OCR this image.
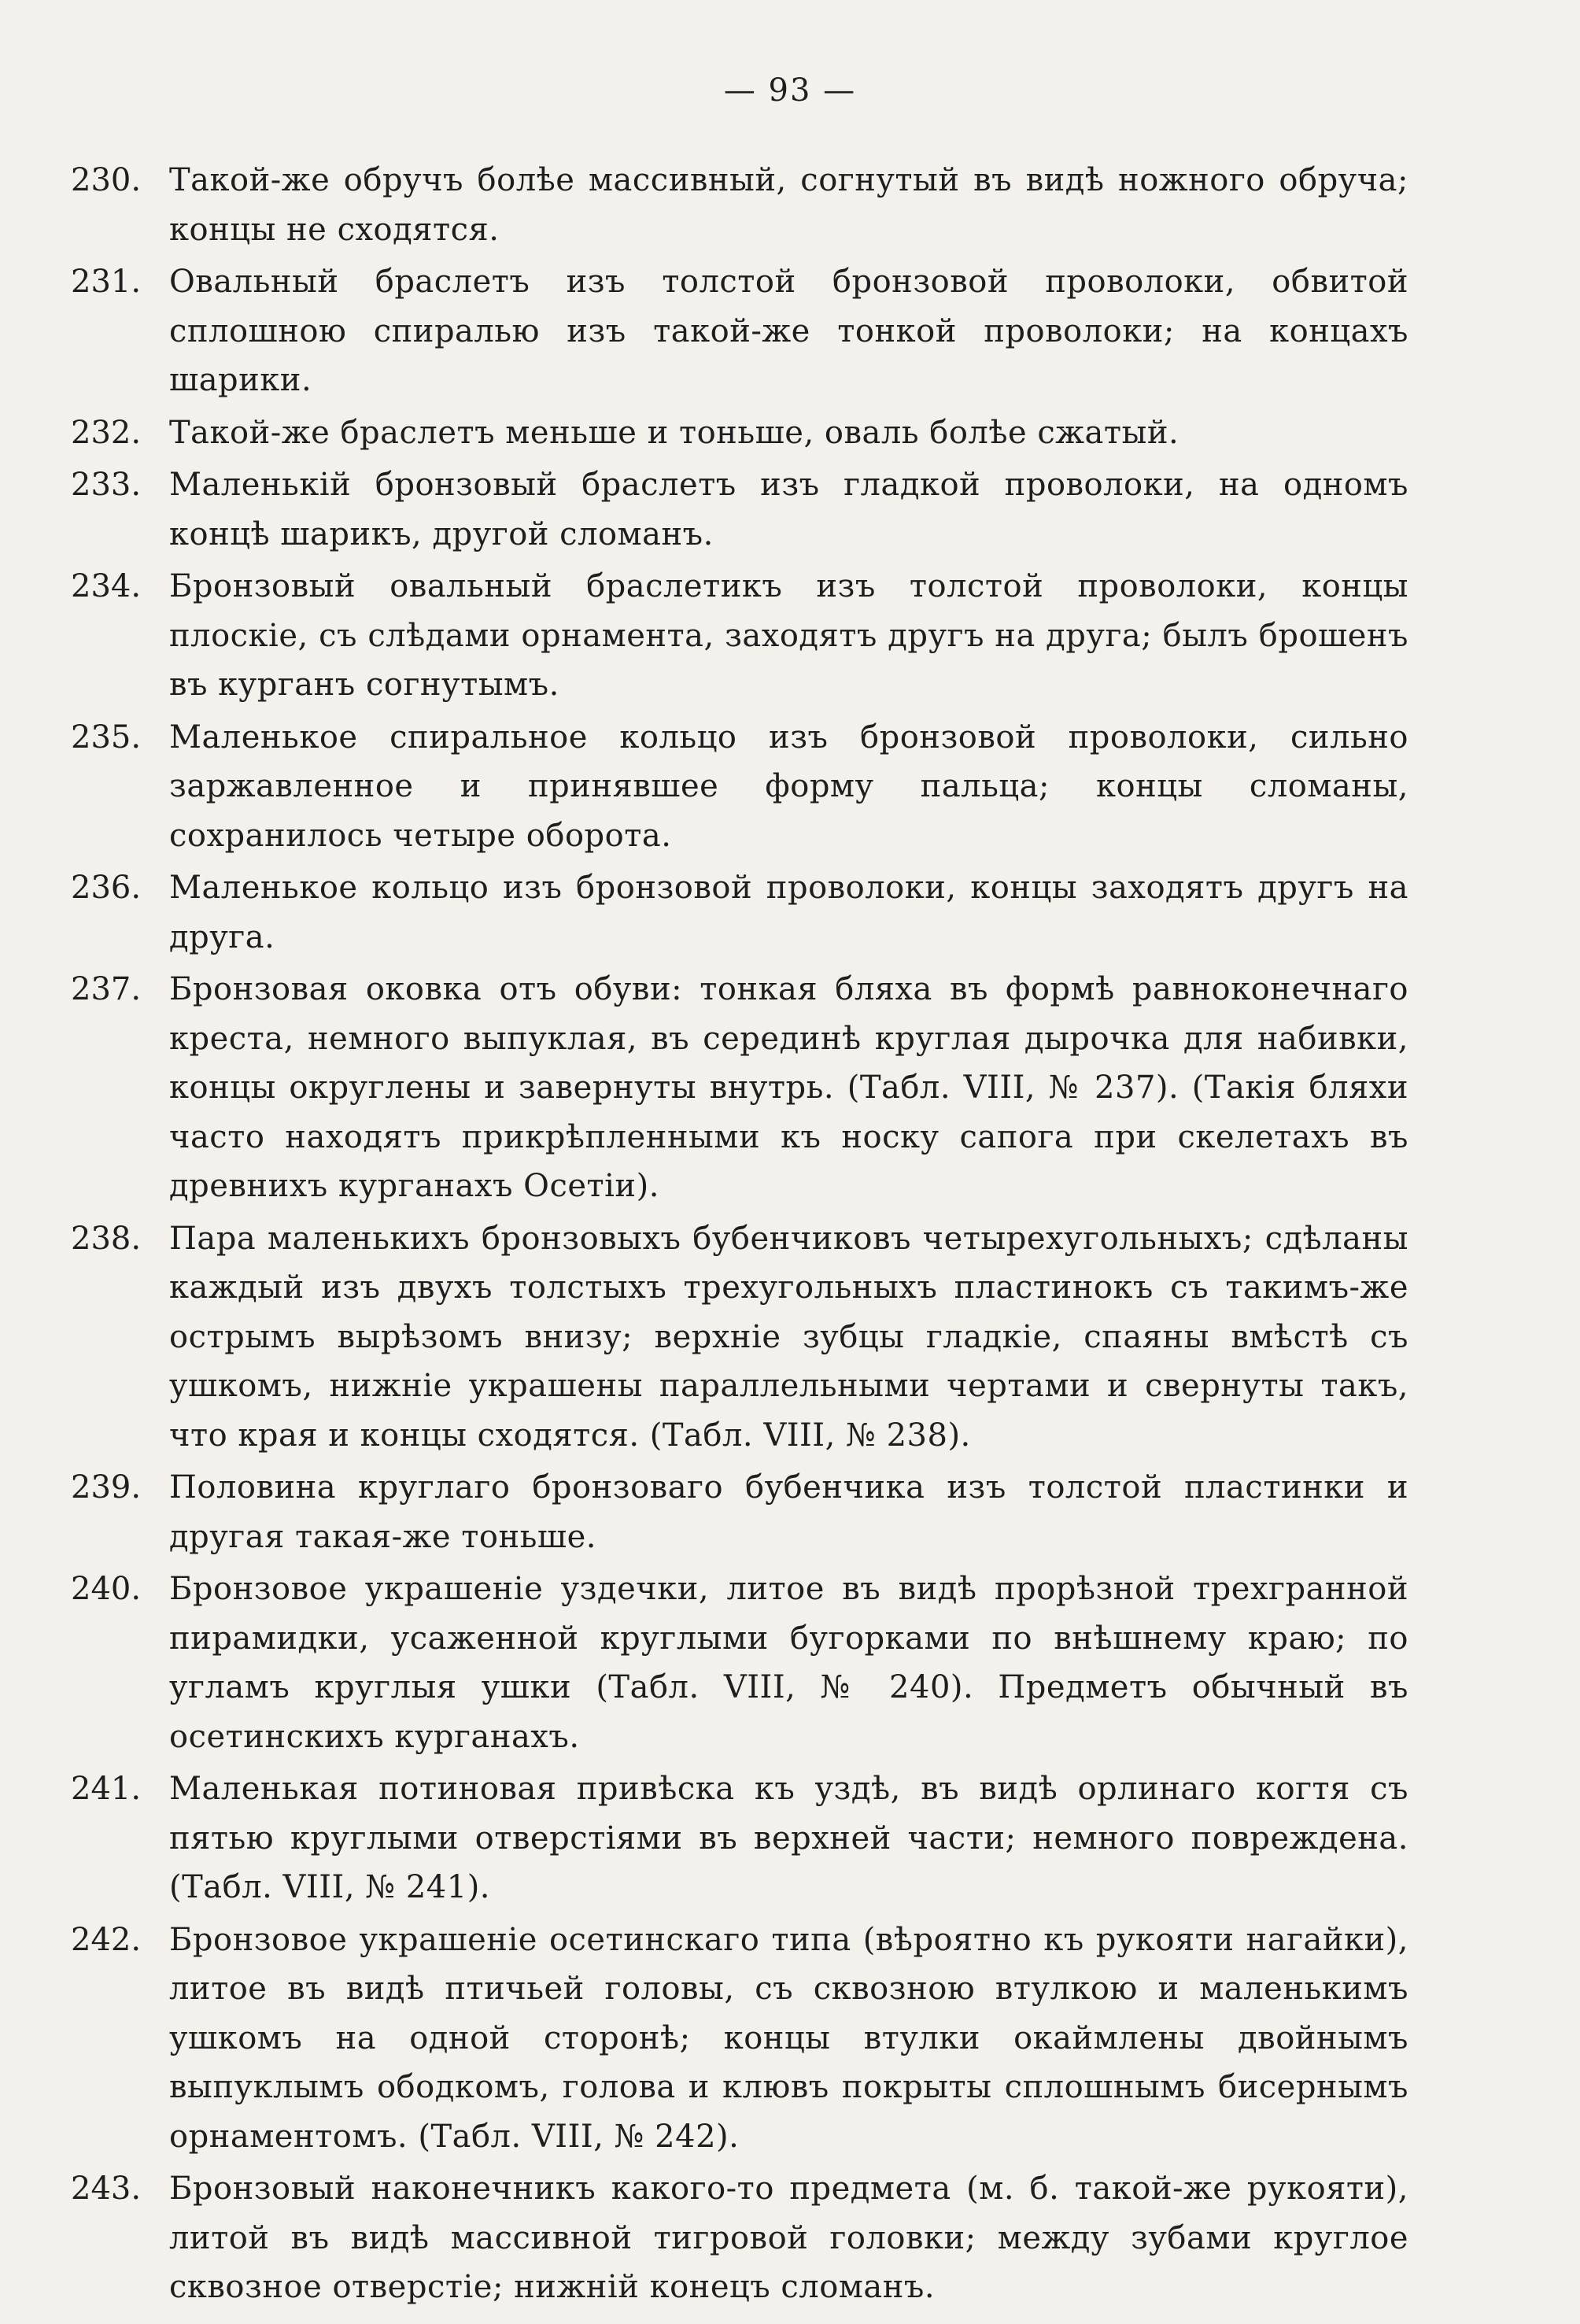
— 93 —
230. Такой-же обручъ болѣе массивный, согнутый въ видѣ ножного обруча; концы не сходятся.
231. Овальный браслетъ изъ толстой бронзовой проволоки, обвитой сплошною спиралью изъ такой-же тонкой проволоки; на концахъ шарики.
232. Такой-же браслетъ меньше и тоньше, оваль болѣе сжатый.
233. Маленькій бронзовый браслетъ изъ гладкой проволоки, на одномъ концѣ шарикъ, другой сломанъ.
234. Бронзовый овальный браслетикъ изъ толстой проволоки, концы плоскіе, съ слѣдами орнамента, заходятъ другъ на друга; былъ брошенъ въ курганъ согнутымъ.
235. Маленькое спиральное кольцо изъ бронзовой проволоки, сильно заржавленное и принявшее форму пальца; концы сломаны, сохранилось четыре оборота.
236. Маленькое кольцо изъ бронзовой проволоки, концы заходятъ другъ на друга.
237. Бронзовая оковка отъ обуви: тонкая бляха въ формѣ равноконечнаго креста, немного выпуклая, въ серединѣ круглая дырочка для набивки, концы округлены и завернуты внутрь. (Табл. VIII, № 237). (Такія бляхи часто находятъ прикрѣпленными къ носку сапога при скелетахъ въ древнихъ курганахъ Осетіи).
238. Пара маленькихъ бронзовыхъ бубенчиковъ четырехугольныхъ; сдѣланы каждый изъ двухъ толстыхъ трехугольныхъ пластинокъ съ такимъ-же острымъ вырѣзомъ внизу; верхніе зубцы гладкіе, спаяны вмѣстѣ съ ушкомъ, нижніе украшены параллельными чертами и свернуты такъ, что края и концы сходятся. (Табл. VIII, № 238).
239. Половина круглаго бронзоваго бубенчика изъ толстой пластинки и другая такая-же тоньше.
240. Бронзовое украшеніе уздечки, литое въ видѣ прорѣзной трехгранной пирамидки, усаженной круглыми бугорками по внѣшнему краю; по угламъ круглыя ушки (Табл. VIII, № 240). Предметъ обычный въ осетинскихъ курганахъ.
241. Маленькая потиновая привѣска къ уздѣ, въ видѣ орлинаго когтя съ пятью круглыми отверстіями въ верхней части; немного повреждена. (Табл. VIII, № 241).
242. Бронзовое украшеніе осетинскаго типа (вѣроятно къ рукояти нагайки), литое въ видѣ птичьей головы, съ сквозною втулкою и маленькимъ ушкомъ на одной сторонѣ; концы втулки окаймлены двойнымъ выпуклымъ ободкомъ, голова и клювъ покрыты сплошнымъ бисернымъ орнаментомъ. (Табл. VIII, № 242).
243. Бронзовый наконечникъ какого-то предмета (м. б. такой-же рукояти), литой въ видѣ массивной тигровой головки; между зубами круглое сквозное отверстіе; нижній конецъ сломанъ.
